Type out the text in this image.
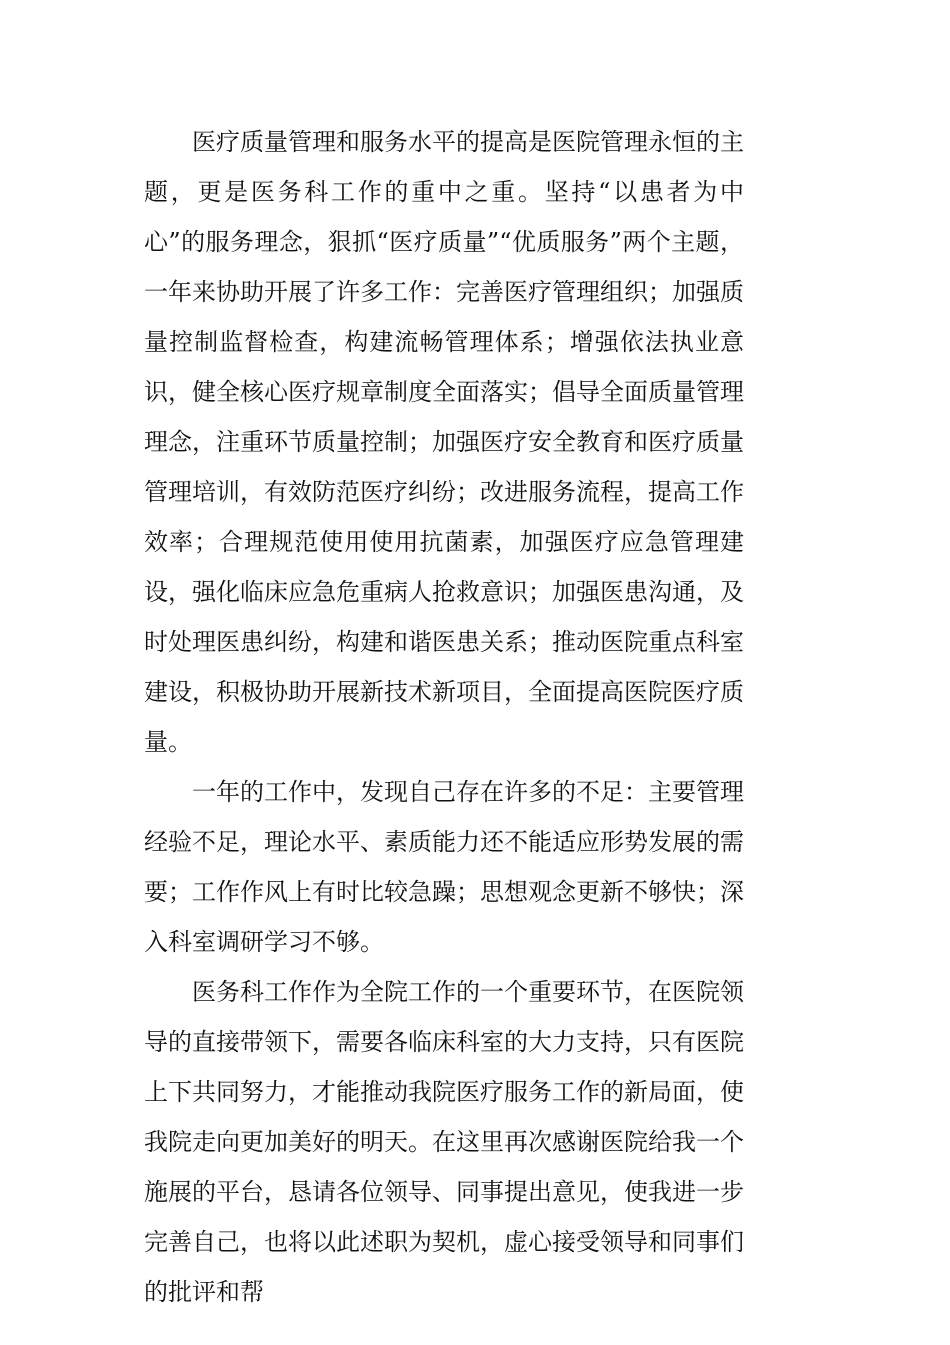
医疗质量管理和服务水平的提高是医院管理永恒的主题，更是医务科工作的重中之重。坚持“以患者为中心”的服务理念，狠抓“医疗质量”“优质服务”两个主题，一年来协助开展了许多工作：完善医疗管理组织；加强质量控制监督检查，构建流畅管理体系；增强依法执业意识，健全核心医疗规章制度全面落实；倡导全面质量管理理念，注重环节质量控制；加强医疗安全教育和医疗质量管理培训，有效防范医疗纠纷；改进服务流程，提高工作效率；合理规范使用使用抗菌素，加强医疗应急管理建设，强化临床应急危重病人抢救意识；加强医患沟通，及时处理医患纠纷，构建和谐医患关系；推动医院重点科室建设，积极协助开展新技术新项目，全面提高医院医疗质量。

一年的工作中，发现自己存在许多的不足：主要管理经验不足，理论水平、素质能力还不能适应形势发展的需要；工作作风上有时比较急躁；思想观念更新不够快；深入科室调研学习不够。

医务科工作作为全院工作的一个重要环节，在医院领导的直接带领下，需要各临床科室的大力支持，只有医院上下共同努力，才能推动我院医疗服务工作的新局面，使我院走向更加美好的明天。在这里再次感谢医院给我一个施展的平台，恳请各位领导、同事提出意见，使我进一步完善自己，也将以此述职为契机，虚心接受领导和同事们的批评和帮
